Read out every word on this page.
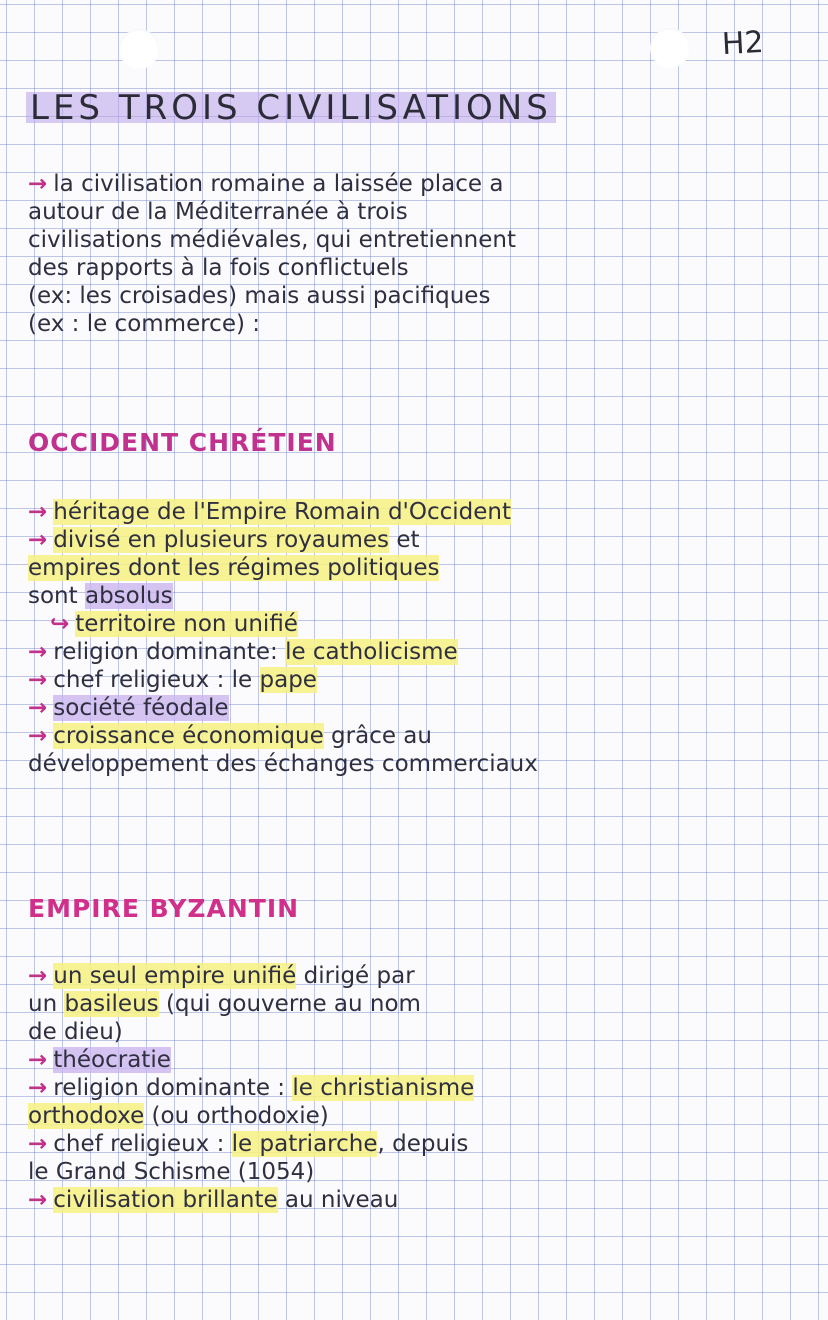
H2
LES TROIS CIVILISATIONS
→ la civilisation romaine a laissée place a
autour de la Méditerranée à trois
civilisations médiévales, qui entretiennent
des rapports à la fois conflictuels
(ex: les croisades) mais aussi pacifiques
(ex : le commerce) :
OCCIDENT CHRÉTIEN
→ héritage de l'Empire Romain d'Occident
→ divisé en plusieurs royaumes et
empires dont les régimes politiques
sont absolus
↪ territoire non unifié
→ religion dominante: le catholicisme
→ chef religieux : le pape
→ société féodale
→ croissance économique grâce au
développement des échanges commerciaux
EMPIRE BYZANTIN
→ un seul empire unifié dirigé par
un basileus (qui gouverne au nom
de dieu)
→ théocratie
→ religion dominante : le christianisme
orthodoxe (ou orthodoxie)
→ chef religieux : le patriarche, depuis
le Grand Schisme (1054)
→ civilisation brillante au niveau
